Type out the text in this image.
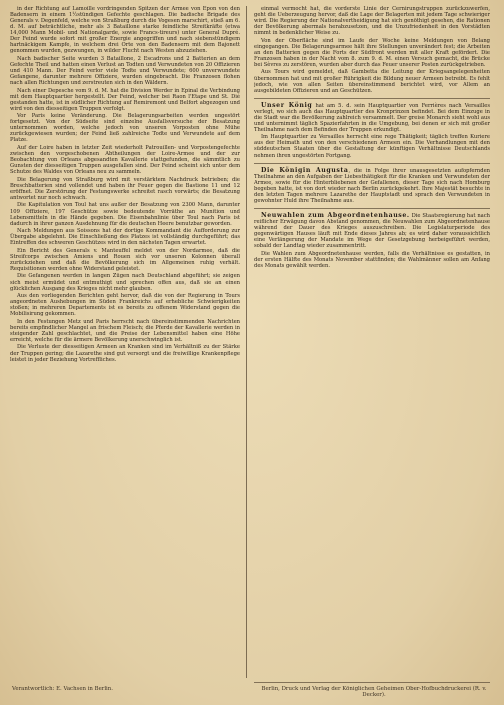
in der Richtung auf Lamoille vordringenden Spitzen der Armee von Epon von den Badensern in einem 1½stündigen Gefechte geschlagen. Die badische Brigade des Generals v. Degenfeld, welche von Straßburg durch die Vogesen marschirt, stieß am 6. d. M. auf beträchtliche, mehr als 3 Bataillone starke feindliche Streitkräfte (etwa 14,000 Mann Mobil- und Nationalgarde, sowie Francs-tireurs) unter General Dupré. Der Feind wurde sofort mit großer Energie angegriffen und nach siebenstündigem hartnäckigem Kampfe, in welchem drei Orte von den Badensern mit dem Bajonett genommen wurden, gezwungen, in wilder Flucht nach Westen abzuziehen.

Nach badischer Seite wurden 3 Bataillone, 2 Escadrons und 2 Batterien an dem Gefechte Theil und hatten einen Verlust an Todten und Verwundeten von 20 Offizieren und 410 Mann. Der Feind verlor viele Todte und Verwundete; 600 unverwundete Gefangene, darunter mehrere Offiziere, wurden eingebracht. Die Franzosen flohen nach allen Richtungen und zerstreuten sich in den Wäldern.

Nach einer Depesche vom 9. d. M. hat die Division Werder in Epinal die Verbindung mit dem Hauptquartier hergestellt. Der Feind, welcher bei Raon l'Etape und St. Dié gestanden hatte, ist in südlicher Richtung auf Remiremont und Belfort abgezogen und wird von den diesseitigen Truppen verfolgt.

Vor Paris keine Veränderung. Die Belagerungsarbeiten werden ungestört fortgesetzt. Von der Südseite sind einzelne Ausfallsversuche der Besatzung unternommen worden, welche jedoch von unseren Vorposten ohne Mühe zurückgewiesen wurden; der Feind ließ zahlreiche Todte und Verwundete auf dem Platze.

Auf der Loire haben in letzter Zeit wiederholt Patrouillen- und Vorpostengefechte zwischen den vorgeschobenen Abtheilungen der Loire-Armee und der zur Beobachtung von Orleans abgesandten Kavallerie stattgefunden, die sämmtlich zu Gunsten der diesseitigen Truppen ausgefallen sind. Der Feind scheint sich unter dem Schutze des Waldes von Orleans neu zu sammeln.

Die Belagerung von Straßburg wird mit verstärktem Nachdruck betrieben; die Breschbatterien sind vollendet und haben ihr Feuer gegen die Bastione 11 und 12 eröffnet. Die Zerstörung der Festungswerke schreitet rasch vorwärts; die Besatzung antwortet nur noch schwach.

Die Kapitulation von Toul hat uns außer der Besatzung von 2300 Mann, darunter 109 Offiziere, 197 Geschütze sowie bedeutende Vorräthe an Munition und Lebensmitteln in die Hände gegeben. Die Eisenbahnlinie über Toul nach Paris ist dadurch in ihrer ganzen Ausdehnung für die deutschen Heere benutzbar geworden.

Nach Meldungen aus Soissons hat der dortige Kommandant die Aufforderung zur Übergabe abgelehnt. Die Einschließung des Platzes ist vollständig durchgeführt; das Eintreffen des schweren Geschützes wird in den nächsten Tagen erwartet.

Ein Bericht des Generals v. Manteuffel meldet von der Nordarmee, daß die Streifcorps zwischen Amiens und Rouen sich vor unseren Kolonnen überall zurückziehen und daß die Bevölkerung sich im Allgemeinen ruhig verhält. Requisitionen werden ohne Widerstand geleistet.

Die Gefangenen werden in langen Zügen nach Deutschland abgeführt; sie zeigen sich meist ermüdet und entmuthigt und sprechen offen aus, daß sie an einen glücklichen Ausgang des Krieges nicht mehr glauben.

Aus den vorliegenden Berichten geht hervor, daß die von der Regierung in Tours angeordneten Aushebungen im Süden Frankreichs auf erhebliche Schwierigkeiten stoßen; in mehreren Departements ist es bereits zu offenem Widerstand gegen die Mobilisirung gekommen.

In den Festungen Metz und Paris herrscht nach übereinstimmenden Nachrichten bereits empfindlicher Mangel an frischem Fleisch; die Pferde der Kavallerie werden in steigender Zahl geschlachtet, und die Preise der Lebensmittel haben eine Höhe erreicht, welche für die ärmere Bevölkerung unerschwinglich ist.

Die Verluste der diesseitigen Armeen an Kranken sind im Verhältniß zu der Stärke der Truppen gering; die Lazarethe sind gut versorgt und die freiwillige Krankenpflege leistet in jeder Beziehung Vortreffliches.

einmal vermocht hat, die vorderste Linie der Cernirungstruppen zurückzuwerfen, geht die Ueberzeugung hervor, daß die Lage der Belagerten mit jedem Tage schwieriger wird. Die Regierung der Nationalvertheidigung hat sich genöthigt gesehen, die Rationen der Bevölkerung abermals herabzusetzen, und die Unzufriedenheit in den Vorstädten nimmt in bedenklicher Weise zu.

Von der Oberfläche sind im Laufe der Woche keine Meldungen von Belang eingegangen. Die Belagerungsarmee hält ihre Stellungen unverändert fest; die Arbeiten an den Batterien gegen die Forts der Südfront werden mit aller Kraft gefördert. Die Franzosen haben in der Nacht vom 8. zum 9. d. M. einen Versuch gemacht, die Brücke bei Sèvres zu zerstören, wurden aber durch das Feuer unserer Posten zurückgetrieben.

Aus Tours wird gemeldet, daß Gambetta die Leitung der Kriegsangelegenheiten übernommen hat und mit großer Rührigkeit die Bildung neuer Armeen betreibt. Es fehlt jedoch, wie von allen Seiten übereinstimmend berichtet wird, vor Allem an ausgebildeten Offizieren und an Geschützen.

Unser König hat am 5. d. sein Hauptquartier von Ferrières nach Versailles verlegt, wo sich auch das Hauptquartier des Kronprinzen befindet. Bei dem Einzuge in die Stadt war die Bevölkerung zahlreich versammelt. Der greise Monarch sieht wohl aus und unternimmt täglich Spazierfahrten in die Umgebung, bei denen er sich mit großer Theilnahme nach dem Befinden der Truppen erkundigt.

Im Hauptquartier zu Versailles herrscht eine rege Thätigkeit; täglich treffen Kuriere aus der Heimath und von den verschiedenen Armeen ein. Die Verhandlungen mit den süddeutschen Staaten über die Gestaltung der künftigen Verhältnisse Deutschlands nehmen ihren ungestörten Fortgang.

Die Königin Augusta, die in Folge ihrer unausgesetzten aufopfernden Theilnahme an den Aufgaben der Liebesthätigkeit für die Kranken und Verwundeten der Armee, sowie für die Hinterbliebenen der Gefallenen, dieser Tage sich nach Homburg begeben hatte, ist von dort wieder nach Berlin zurückgekehrt. Ihre Majestät besuchte in den letzten Tagen mehrere Lazarethe der Hauptstadt und sprach den Verwundeten in gewohnter Huld ihre Theilnahme aus.

Neuwahlen zum Abgeordnetenhause. Die Staatsregierung hat nach reiflicher Erwägung davon Abstand genommen, die Neuwahlen zum Abgeordnetenhause während der Dauer des Krieges auszuschreiben. Die Legislaturperiode des gegenwärtigen Hauses läuft mit Ende dieses Jahres ab; es wird daher voraussichtlich eine Verlängerung der Mandate im Wege der Gesetzgebung herbeigeführt werden, sobald der Landtag wieder zusammentritt.

Die Wahlen zum Abgeordnetenhause werden, falls die Verhältnisse es gestatten, in der ersten Hälfte des Monats November stattfinden; die Wahlmänner sollen am Anfang des Monats gewählt werden.

Verantwortlich: E. Vachsen in Berlin.	Berlin, Druck und Verlag der Königlichen Geheimen Ober-Hofbuchdruckerei (R. v. Decker).
